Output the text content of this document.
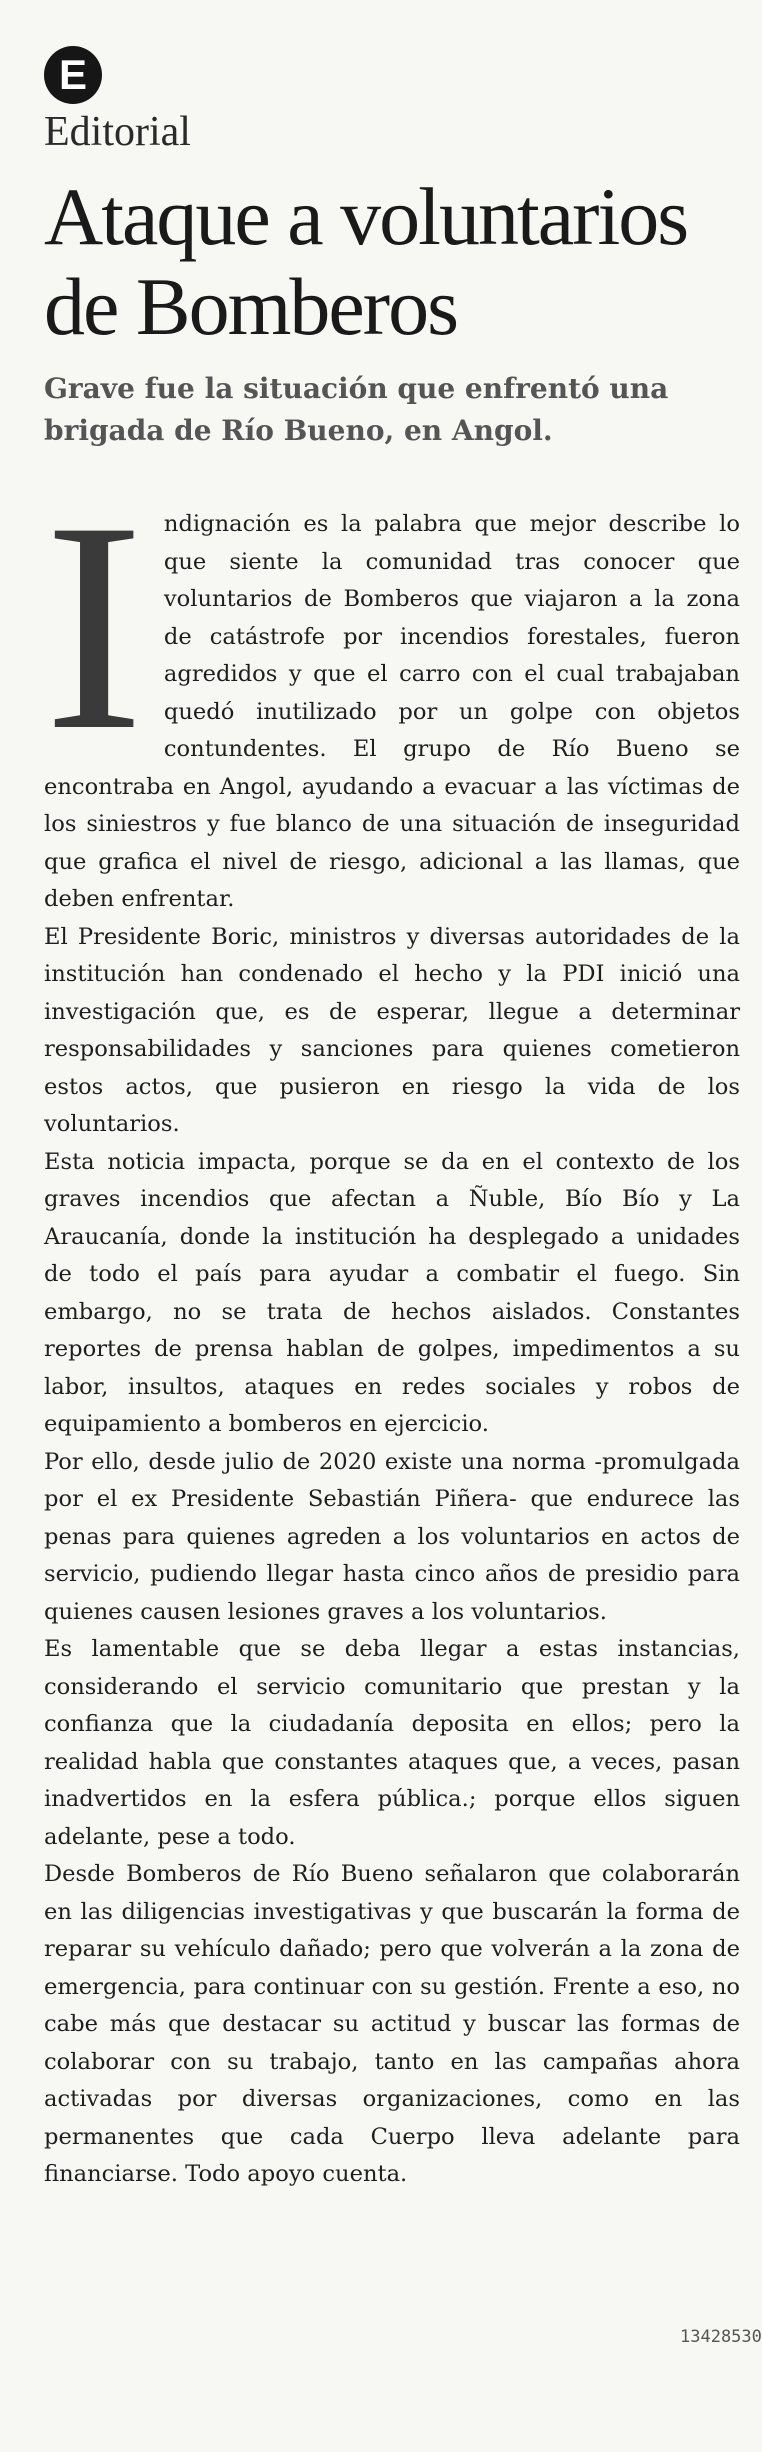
E
Editorial
Ataque a voluntarios
de Bomberos

Grave fue la situación que enfrentó una brigada de Río Bueno, en Angol.

Indignación es la palabra que mejor describe lo que siente la comunidad tras conocer que voluntarios de Bomberos que viajaron a la zona de catástrofe por incendios forestales, fueron agredidos y que el carro con el cual trabajaban quedó inutilizado por un golpe con objetos contundentes. El grupo de Río Bueno se encontraba en Angol, ayudando a evacuar a las víctimas de los siniestros y fue blanco de una situación de inseguridad que grafica el nivel de riesgo, adicional a las llamas, que deben enfrentar.

El Presidente Boric, ministros y diversas autoridades de la institución han condenado el hecho y la PDI inició una investigación que, es de esperar, llegue a determinar responsabilidades y sanciones para quienes cometieron estos actos, que pusieron en riesgo la vida de los voluntarios.

Esta noticia impacta, porque se da en el contexto de los graves incendios que afectan a Ñuble, Bío Bío y La Araucanía, donde la institución ha desplegado a unidades de todo el país para ayudar a combatir el fuego. Sin embargo, no se trata de hechos aislados. Constantes reportes de prensa hablan de golpes, impedimentos a su labor, insultos, ataques en redes sociales y robos de equipamiento a bomberos en ejercicio.

Por ello, desde julio de 2020 existe una norma -promulgada por el ex Presidente Sebastián Piñera- que endurece las penas para quienes agreden a los voluntarios en actos de servicio, pudiendo llegar hasta cinco años de presidio para quienes causen lesiones graves a los voluntarios.

Es lamentable que se deba llegar a estas instancias, considerando el servicio comunitario que prestan y la confianza que la ciudadanía deposita en ellos; pero la realidad habla que constantes ataques que, a veces, pasan inadvertidos en la esfera pública.; porque ellos siguen adelante, pese a todo.

Desde Bomberos de Río Bueno señalaron que colaborarán en las diligencias investigativas y que buscarán la forma de reparar su vehículo dañado; pero que volverán a la zona de emergencia, para continuar con su gestión. Frente a eso, no cabe más que destacar su actitud y buscar las formas de colaborar con su trabajo, tanto en las campañas ahora activadas por diversas organizaciones, como en las permanentes que cada Cuerpo lleva adelante para financiarse. Todo apoyo cuenta.

13428530
